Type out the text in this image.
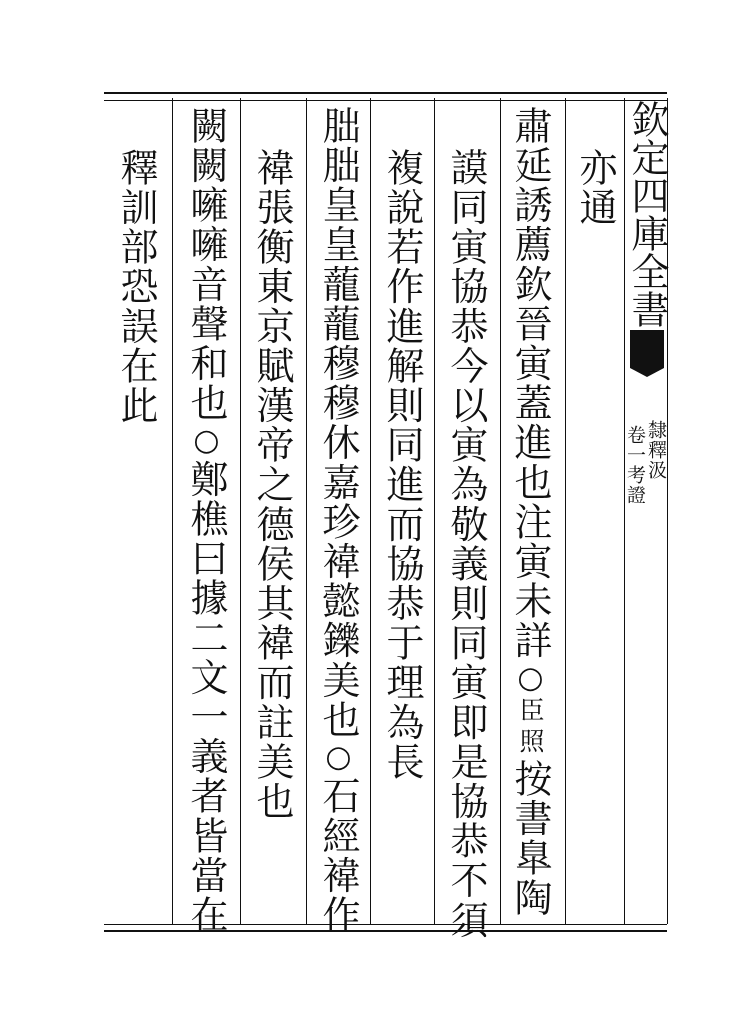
欽定四庫全書
隸釋汲
卷一考證
亦通
肅延誘薦欽晉寅蓋進也注寅未詳○臣照按書臯陶
謨同寅協恭今以寅為敬義則同寅即是協恭不須
複說若作進解則同進而協恭于理為長
朏朏皇皇蘢蘢穆穆休嘉珍褘懿鑠美也○石經褘作
褘張衡東京賦漢帝之德侯其褘而註美也
闕闕噰噰音聲和也○鄭樵曰據二文一義者皆當在
釋訓部恐誤在此
